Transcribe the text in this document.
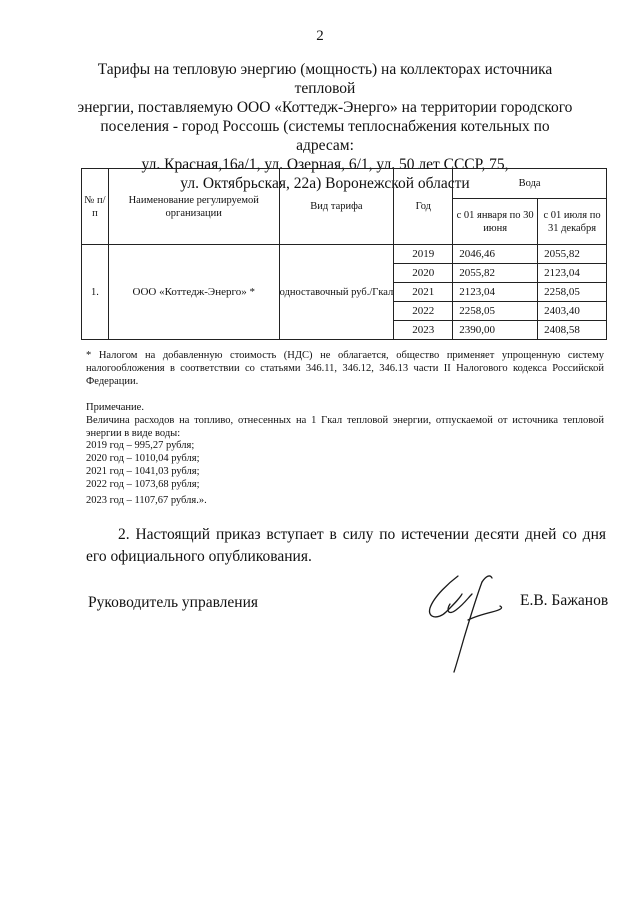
2
Тарифы на тепловую энергию (мощность) на коллекторах источника тепловой
энергии, поставляемую ООО «Коттедж-Энерго» на территории городского
поселения - город Россошь (системы теплоснабжения котельных по адресам:
ул. Красная,16а/1, ул. Озерная, 6/1, ул. 50 лет СССР, 75,
ул. Октябрьская, 22а) Воронежской области
№ п/п	Наименование регулируемой организации	Вид тарифа	Год	Вода	
				с 01 января по 30 июня	с 01 июля по 31 декабря
1.	ООО «Коттедж-Энерго» *	одноставочный руб./Гкал	2019	2046,46	2055,82
			2020	2055,82	2123,04
			2021	2123,04	2258,05
			2022	2258,05	2403,40
			2023	2390,00	2408,58
* Налогом на добавленную стоимость (НДС) не облагается, общество применяет упрощенную систему налогообложения в соответствии со статьями 346.11, 346.12, 346.13 части II Налогового кодекса Российской Федерации.
Примечание.
Величина расходов на топливо, отнесенных на 1 Гкал тепловой энергии, отпускаемой от источника тепловой энергии в виде воды:
2019 год – 995,27 рубля;
2020 год – 1010,04 рубля;
2021 год – 1041,03 рубля;
2022 год – 1073,68 рубля;
2023 год – 1107,67 рубля.».
2. Настоящий приказ вступает в силу по истечении десяти дней со дня его официального опубликования.
Руководитель управления	Е.В. Бажанов
